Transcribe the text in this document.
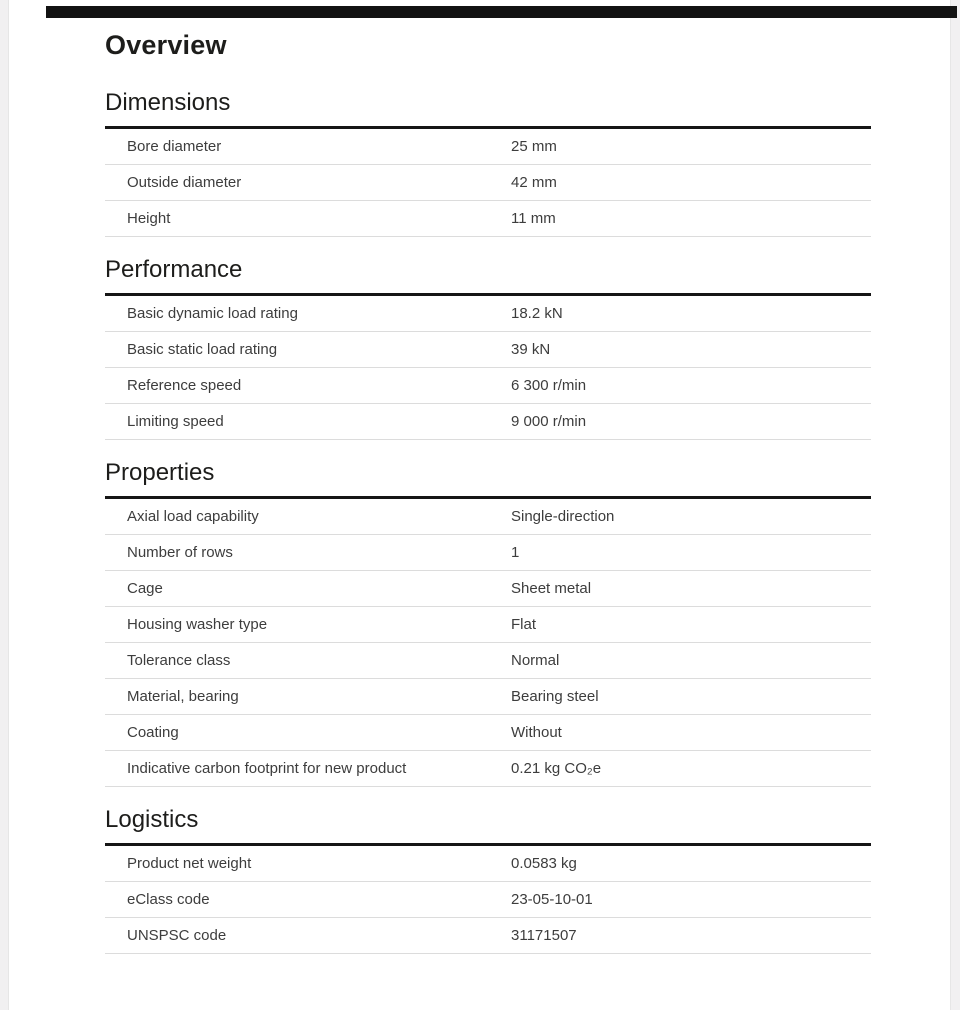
Overview
Dimensions
Bore diameter	25 mm
Outside diameter	42 mm
Height	11 mm
Performance
Basic dynamic load rating	18.2 kN
Basic static load rating	39 kN
Reference speed	6 300 r/min
Limiting speed	9 000 r/min
Properties
Axial load capability	Single-direction
Number of rows	1
Cage	Sheet metal
Housing washer type	Flat
Tolerance class	Normal
Material, bearing	Bearing steel
Coating	Without
Indicative carbon footprint for new product	0.21 kg CO₂e
Logistics
Product net weight	0.0583 kg
eClass code	23-05-10-01
UNSPSC code	31171507
